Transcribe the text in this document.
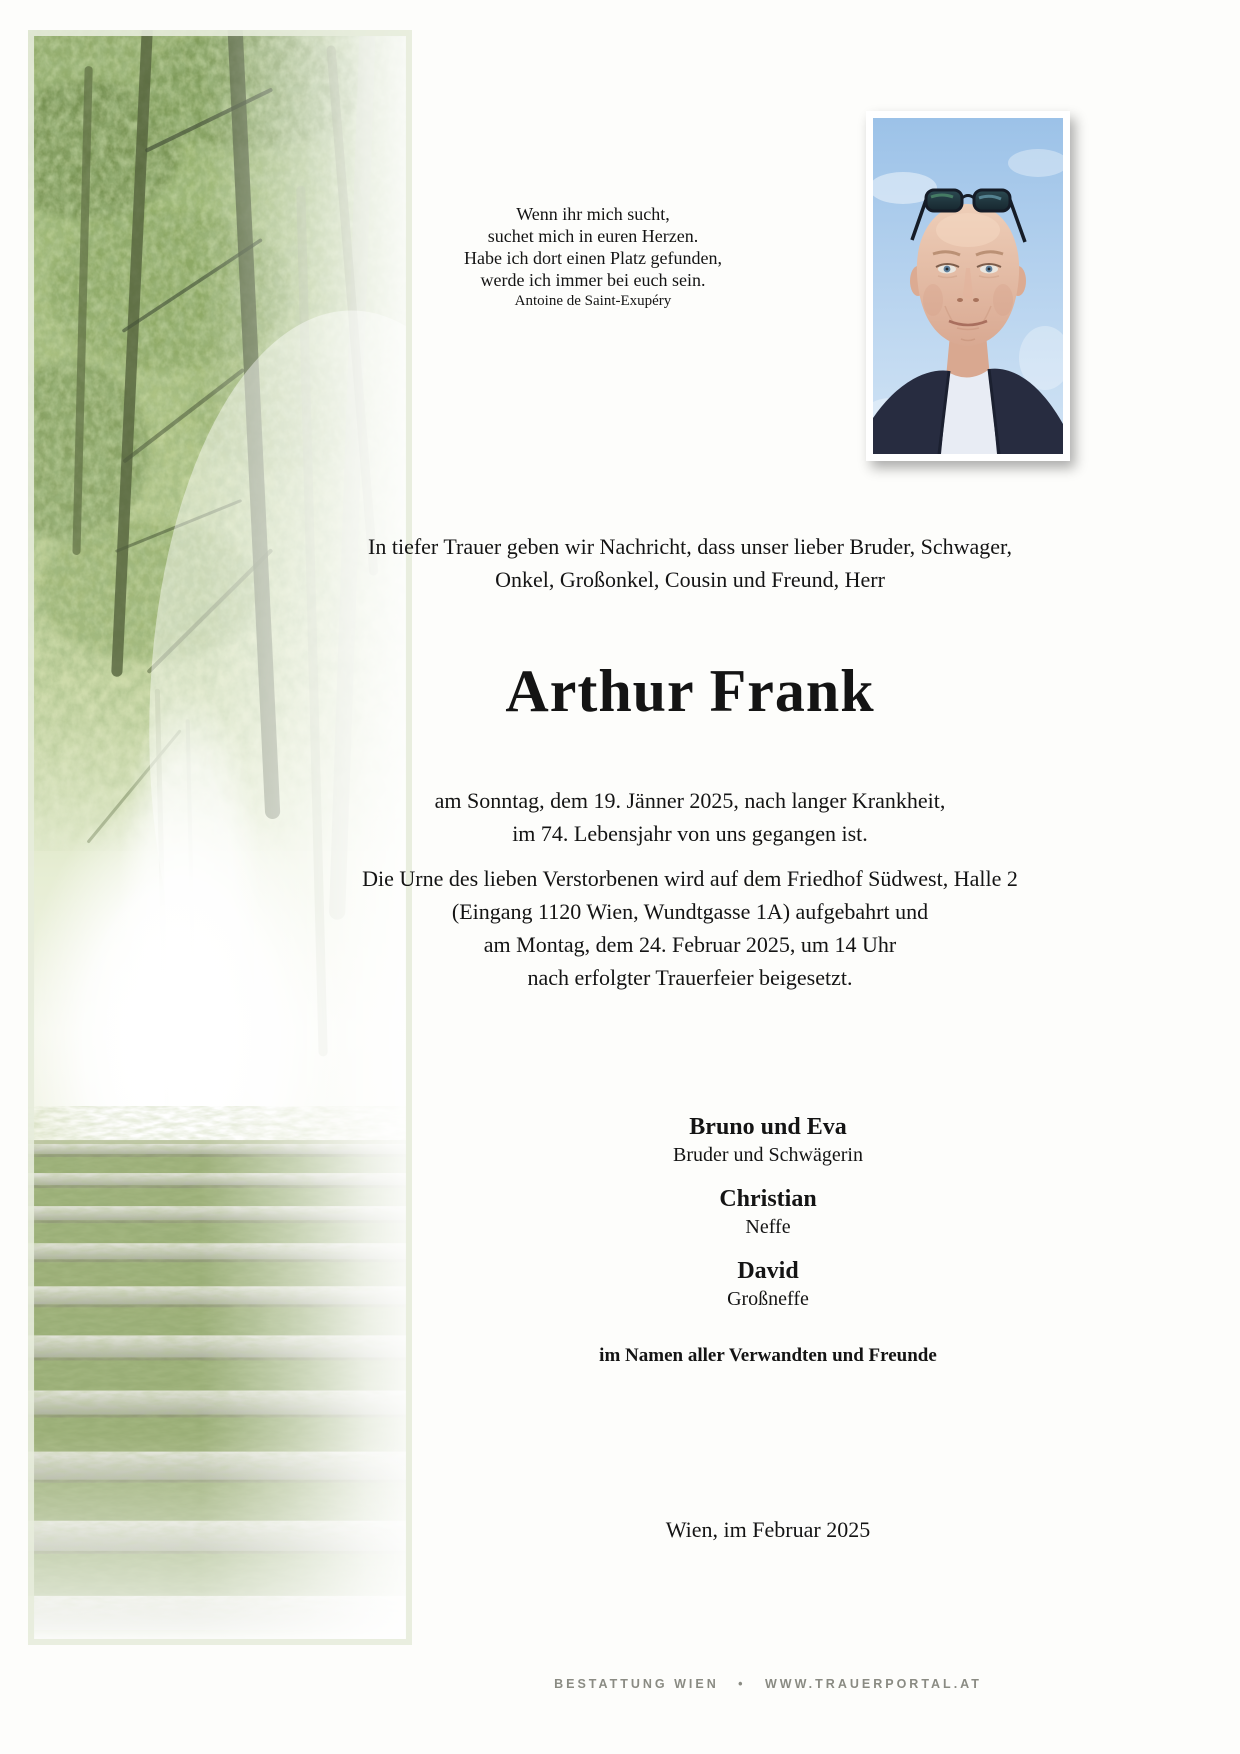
Wenn ihr mich sucht,
suchet mich in euren Herzen.
Habe ich dort einen Platz gefunden,
werde ich immer bei euch sein.
Antoine de Saint-Exupéry
In tiefer Trauer geben wir Nachricht, dass unser lieber Bruder, Schwager,
Onkel, Großonkel, Cousin und Freund, Herr
Arthur Frank
am Sonntag, dem 19. Jänner 2025, nach langer Krankheit,
im 74. Lebensjahr von uns gegangen ist.
Die Urne des lieben Verstorbenen wird auf dem Friedhof Südwest, Halle 2
(Eingang 1120 Wien, Wundtgasse 1A) aufgebahrt und
am Montag, dem 24. Februar 2025, um 14 Uhr
nach erfolgter Trauerfeier beigesetzt.
Bruno und Eva
Bruder und Schwägerin
Christian
Neffe
David
Großneffe
im Namen aller Verwandten und Freunde
Wien, im Februar 2025
BESTATTUNG WIEN   •   WWW.TRAUERPORTAL.AT
